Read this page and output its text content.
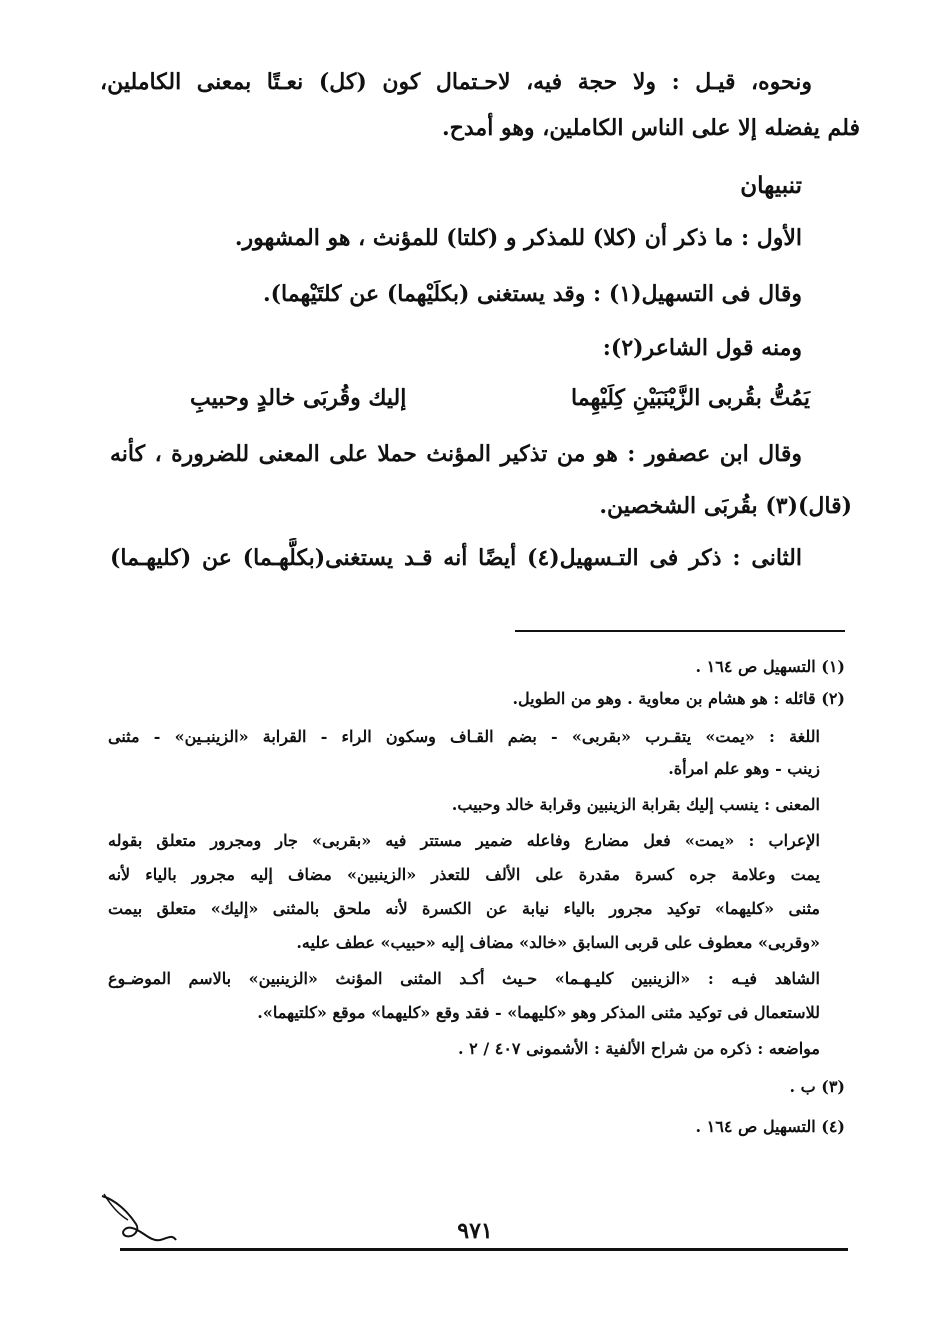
ونحوه، قيـل : ولا حجة فيه، لاحـتمال كون (كل) نعـتًا بمعنى الكاملين،
فلم يفضله إلا على الناس الكاملين، وهو أمدح.
تنبيهان
الأول : ما ذكر أن (كلا) للمذكر و (كلتا) للمؤنث ، هو المشهور.
وقال فى التسهيل(١) : وقد يستغنى (بكلَيْهما) عن كلتَيْهما).
ومنه قول الشاعر(٢):
يَمُتُّ بقُربى الزَّيْنَبَيْنِ كِلَيْهِما
إليك وقُربَى خالدٍ وحبيبِ
وقال ابن عصفور : هو من تذكير المؤنث حملا على المعنى للضرورة ، كأنه
(قال)(٣) بقُربَى الشخصين.
الثانى : ذكر فى التـسهيل(٤) أيضًا أنه قـد يستغنى(بكلَّهـما) عن (كليهـما)
(١) التسهيل ص ١٦٤ .
(٢) قائله : هو هشام بن معاوية . وهو من الطويل.
اللغة : «يمت» يتقـرب «بقربى» - بضم القـاف وسكون الراء - القرابة «الزينبـين» - مثنى
زينب - وهو علم امرأة.
المعنى : ينسب إليك بقرابة الزينبين وقرابة خالد وحبيب.
الإعراب : «يمت» فعل مضارع وفاعله ضمير مستتر فيه «بقربى» جار ومجرور متعلق بقوله
يمت وعلامة جره كسرة مقدرة على الألف للتعذر «الزينبين» مضاف إليه مجرور بالياء لأنه
مثنى «كليهما» توكيد مجرور بالياء نيابة عن الكسرة لأنه ملحق بالمثنى «إليك» متعلق بيمت
«وقربى» معطوف على قربى السابق «خالد» مضاف إليه «حبيب» عطف عليه.
الشاهد فيـه : «الزينبين كليـهـما» حـيث أكـد المثنى المؤنث «الزينبين» بالاسم الموضـوع
للاستعمال فى توكيد مثنى المذكر وهو «كليهما» - فقد وقع «كليهما» موقع «كلتيهما».
مواضعه : ذكره من شراح الألفية : الأشمونى ٤٠٧ / ٢ .
(٣) ب .
(٤) التسهيل ص ١٦٤ .
٩٧١
